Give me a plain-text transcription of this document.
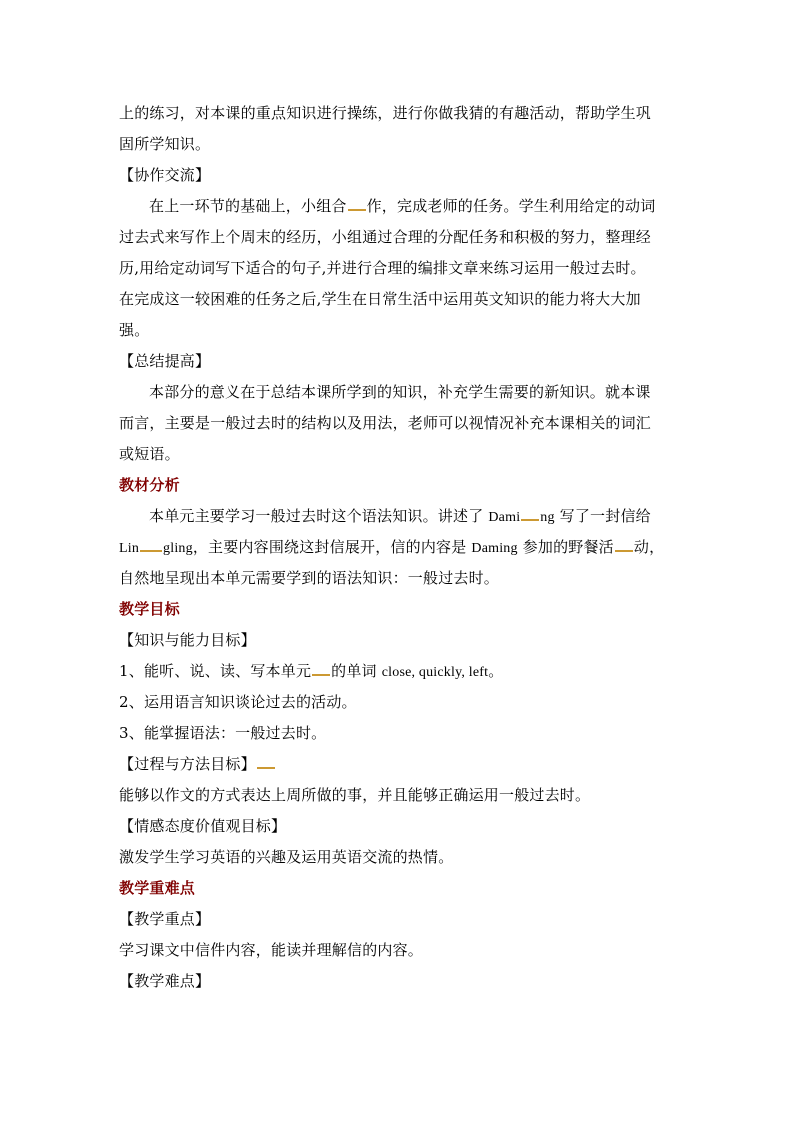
上的练习，对本课的重点知识进行操练，进行你做我猜的有趣活动，帮助学生巩
固所学知识。
【协作交流】
在上一环节的基础上，小组合 作，完成老师的任务。学生利用给定的动词
过去式来写作上个周末的经历，小组通过合理的分配任务和积极的努力，整理经
历,用给定动词写下适合的句子,并进行合理的编排文章来练习运用一般过去时。
在完成这一较困难的任务之后,学生在日常生活中运用英文知识的能力将大大加
强。
【总结提高】
本部分的意义在于总结本课所学到的知识，补充学生需要的新知识。就本课
而言，主要是一般过去时的结构以及用法，老师可以视情况补充本课相关的词汇
或短语。
教材分析
本单元主要学习一般过去时这个语法知识。讲述了 Dami ng 写了一封信给
Lin gling，主要内容围绕这封信展开，信的内容是 Daming 参加的野餐活 动，
自然地呈现出本单元需要学到的语法知识：一般过去时。
教学目标
【知识与能力目标】
1、能听、说、读、写本单元 的单词 close, quickly, left。
2、运用语言知识谈论过去的活动。
3、能掌握语法：一般过去时。
【过程与方法目标】
能够以作文的方式表达上周所做的事，并且能够正确运用一般过去时。
【情感态度价值观目标】
激发学生学习英语的兴趣及运用英语交流的热情。
教学重难点
【教学重点】
学习课文中信件内容，能读并理解信的内容。
【教学难点】
